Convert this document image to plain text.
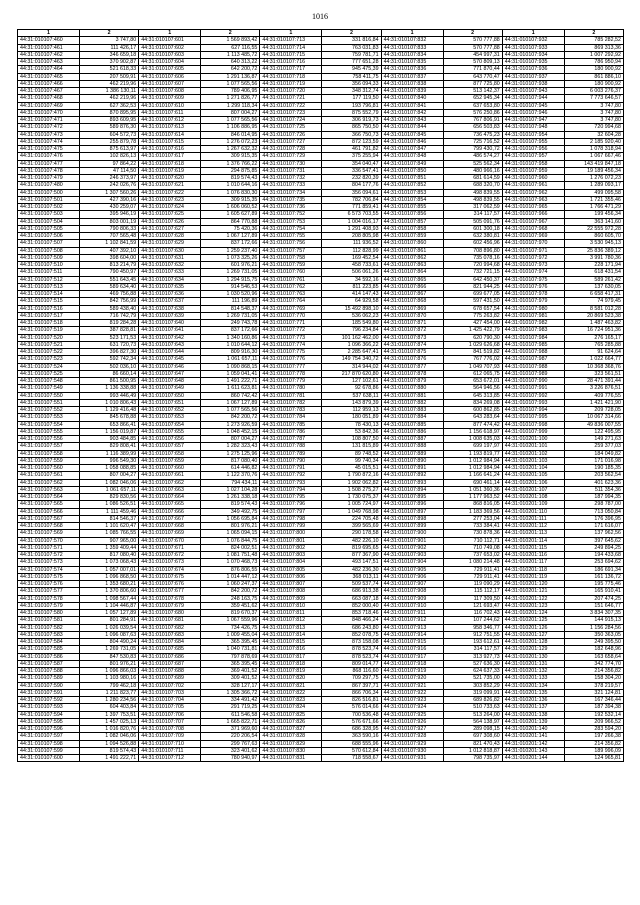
1016
1	2	1	2	1	2	1	2	1	2
44:31:010107:460	3 747,80	44:31:010107:601	1 569 893,42	44:31:010107:713	331 816,84	44:31:010107:832	570 777,88	44:31:010107:932	785 282,52
44:31:010107:461	111 426,17	44:31:010107:602	627 116,55	44:31:010107:714	763 031,83	44:31:010107:833	570 777,88	44:31:010107:933	869 313,36
44:31:010107:462	346 659,18	44:31:010107:603	1 113 485,72	44:31:010107:715	759 781,71	44:31:010107:834	454 997,31	44:31:010107:934	1 007 292,92
44:31:010107:463	370 902,87	44:31:010107:604	640 313,22	44:31:010107:716	777 651,28	44:31:010107:835	570 809,13	44:31:010107:935	786 950,94
44:31:010107:464	521 618,33	44:31:010107:605	642 200,72	44:31:010107:717	945 475,39	44:31:010107:836	771 870,44	44:31:010107:936	180 900,92
44:31:010107:465	207 509,91	44:31:010107:606	1 291 136,87	44:31:010107:718	758 411,75	44:31:010107:837	643 770,47	44:31:010107:937	861 886,10
44:31:010107:466	462 219,96	44:31:010107:607	1 077 565,56	44:31:010107:719	356 094,33	44:31:010107:838	877 725,80	44:31:010107:938	180 900,92
44:31:010107:467	1 386 130,11	44:31:010107:608	789 406,95	44:31:010107:720	348 312,74	44:31:010107:839	513 142,37	44:31:010107:943	6 003 276,37
44:31:010107:468	462 219,96	44:31:010107:609	1 271 826,77	44:31:010107:721	177 119,50	44:31:010107:840	652 945,34	44:31:010107:944	7 773 646,57
44:31:010107:469	627 362,53	44:31:010107:610	1 299 118,34	44:31:010107:722	193 796,81	44:31:010107:841	637 653,80	44:31:010107:945	3 747,80
44:31:010107:470	870 895,95	44:31:010107:611	807 004,27	44:31:010107:723	875 552,79	44:31:010107:842	576 250,86	44:31:010107:946	3 747,80
44:31:010107:471	893 609,95	44:31:010107:612	1 077 565,56	44:31:010107:724	306 919,73	44:31:010107:843	767 806,91	44:31:010107:947	3 747,80
44:31:010107:472	589 876,30	44:31:010107:613	1 106 886,95	44:31:010107:725	865 750,50	44:31:010107:844	656 503,83	44:31:010107:948	720 994,68
44:31:010107:473	604 572,73	44:31:010107:614	846 014,95	44:31:010107:726	366 750,73	44:31:010107:845	736 475,23	44:31:010107:954	32 604,28
44:31:010107:474	255 879,78	44:31:010107:615	1 276 072,23	44:31:010107:727	872 123,59	44:31:010107:846	725 716,52	44:31:010107:955	2 185 920,40
44:31:010107:475	875 613,97	44:31:010107:616	1 267 632,32	44:31:010107:728	461 791,82	44:31:010107:847	799 430,72	44:31:010107:956	1 078 318,94
44:31:010107:476	102 826,13	44:31:010107:617	309 915,35	44:31:010107:729	375 255,94	44:31:010107:848	486 574,27	44:31:010107:957	1 067 667,46
44:31:010107:477	97 864,22	44:31:010107:618	1 376 766,22	44:31:010107:730	354 040,47	44:31:010107:849	525 562,34	44:31:010107:958	143 419 847,18
44:31:010107:478	47 114,50	44:31:010107:619	294 875,85	44:31:010107:731	336 547,41	44:31:010107:850	480 966,16	44:31:010107:959	19 189 456,34
44:31:010107:479	246 373,97	44:31:010107:620	819 574,43	44:31:010107:732	232 820,39	44:31:010107:851	681 614,59	44:31:010107:960	1 276 072,23
44:31:010107:480	242 026,76	44:31:010107:621	1 010 644,16	44:31:010107:733	804 177,76	44:31:010107:852	688 320,70	44:31:010107:961	1 289 093,17
44:31:010107:500	1 307 560,26	44:31:010107:622	1 076 830,30	44:31:010107:734	356 094,61	44:31:010107:853	498 839,55	44:31:010107:962	499 095,58
44:31:010107:501	427 390,16	44:31:010107:623	309 915,35	44:31:010107:735	782 706,84	44:31:010107:854	498 839,55	44:31:010107:963	1 721 355,46
44:31:010107:502	430 259,07	44:31:010107:624	1 606 060,52	44:31:010107:736	771 859,41	44:31:010107:855	317 062,59	44:31:010107:965	1 766 471,29
44:31:010107:503	395 946,19	44:31:010107:625	1 605 627,89	44:31:010107:752	6 573 703,55	44:31:010107:856	314 117,57	44:31:010107:966	199 456,34
44:31:010107:504	803 001,19	44:31:010107:626	864 770,88	44:31:010107:753	1 004 016,17	44:31:010107:857	505 091,76	44:31:010107:967	363 141,60
44:31:010107:505	790 806,33	44:31:010107:627	75 420,36	44:31:010107:754	1 291 408,93	44:31:010107:858	601 300,18	44:31:010107:968	22 555 972,28
44:31:010107:506	707 565,48	44:31:010107:628	1 067 127,89	44:31:010107:755	208 805,98	44:31:010107:859	632 380,81	44:31:010107:969	860 605,70
44:31:010107:507	1 102 841,59	44:31:010107:629	837 172,66	44:31:010107:756	111 936,52	44:31:010107:860	602 456,96	44:31:010107:970	3 530 945,13
44:31:010107:508	407 392,10	44:31:010107:630	1 259 237,40	44:31:010107:757	112 828,99	44:31:010107:861	708 896,80	44:31:010107:971	25 836 389,12
44:31:010107:509	398 604,00	44:31:010107:631	1 073 325,26	44:31:010107:758	169 452,54	44:31:010107:862	735 078,16	44:31:010107:972	3 991 780,36
44:31:010107:510	813 214,79	44:31:010107:632	601 976,21	44:31:010107:759	458 733,61	44:31:010107:863	720 994,68	44:31:010107:973	228 171,94
44:31:010107:511	790 450,97	44:31:010107:633	1 269 731,05	44:31:010107:760	506 061,26	44:31:010107:864	732 721,15	44:31:010107:974	618 431,54
44:31:010107:512	551 643,45	44:31:010107:634	1 294 915,75	44:31:010107:761	34 592,16	44:31:010107:865	642 450,37	44:31:010107:975	589 261,42
44:31:010107:513	589 634,40	44:31:010107:635	914 546,53	44:31:010107:762	811 223,85	44:31:010107:866	821 944,25	44:31:010107:976	137 630,05
44:31:010107:514	469 756,88	44:31:010107:636	1 030 520,96	44:31:010107:763	414 147,43	44:31:010107:867	699 677,05	44:31:010107:978	6 658 417,31
44:31:010107:515	842 756,99	44:31:010107:637	111 196,89	44:31:010107:764	64 929,58	44:31:010107:868	597 431,50	44:31:010107:979	74 979,45
44:31:010107:516	589 438,40	44:31:010107:638	814 548,37	44:31:010107:769	15 492 898,10	44:31:010107:869	678 657,54	44:31:010107:980	8 581 012,28
44:31:010107:517	716 742,79	44:31:010107:639	1 269 731,05	44:31:010107:770	536 062,23	44:31:010107:870	775 263,82	44:31:010107:981	20 869 523,38
44:31:010107:518	819 284,28	44:31:010107:640	249 743,78	44:31:010107:771	185 549,80	44:31:010107:871	427 454,00	44:31:010107:982	1 487 463,82
44:31:010107:519	387 828,81	44:31:010107:641	837 172,66	44:31:010107:772	796 234,84	44:31:010107:872	1 425 422,79	44:31:010107:983	16 724 951,36
44:31:010107:520	523 171,53	44:31:010107:642	1 340 160,86	44:31:010107:773	101 162 462,00	44:31:010107:873	620 790,30	44:31:010107:984	276 165,17
44:31:010107:521	631 720,73	44:31:010107:643	1 010 644,12	44:31:010107:774	1 096 366,22	44:31:010107:874	1 029 626,68	44:31:010107:985	765 285,88
44:31:010107:522	396 827,30	44:31:010107:644	809 916,30	44:31:010107:775	2 285 647,41	44:31:010107:875	841 519,82	44:31:010107:988	91 624,64
44:31:010107:523	592 742,34	44:31:010107:645	1 061 657,11	44:31:010107:776	149 754 340,72	44:31:010107:876	767 776,02	44:31:010107:987	1 022 664,77
44:31:010107:524	502 036,10	44:31:010107:646	1 090 868,15	44:31:010107:777	314 944,02	44:31:010107:877	1 049 707,93	44:31:010107:988	10 368 368,76
44:31:010107:525	86 660,14	44:31:010107:647	1 059 041,41	44:31:010107:778	217 870 620,80	44:31:010107:878	612 065,75	44:31:010107:989	323 561,51
44:31:010107:548	861 500,95	44:31:010107:648	1 491 222,71	44:31:010107:779	127 102,61	44:31:010107:879	653 672,01	44:31:010107:990	28 471 391,44
44:31:010107:549	1 136 338,88	44:31:010107:649	1 611 623,81	44:31:010107:780	92 678,86	44:31:010107:880	564 946,56	44:31:010107:991	3 226 876,51
44:31:010107:550	993 446,49	44:31:010107:650	860 742,42	44:31:010107:781	537 638,11	44:31:010107:881	645 313,85	44:31:010107:992	409 776,55
44:31:010107:551	1 010 806,43	44:31:010107:651	1 067 127,89	44:31:010107:782	143 879,39	44:31:010107:882	834 269,08	44:31:010107:993	1 421 421,90
44:31:010107:552	1 129 416,48	44:31:010107:652	1 077 565,56	44:31:010107:783	112 959,13	44:31:010107:883	600 862,85	44:31:010107:994	209 728,05
44:31:010107:553	845 678,88	44:31:010107:653	842 200,72	44:31:010107:784	180 051,89	44:31:010107:884	643 283,64	44:31:010107:995	10 067 314,66
44:31:010107:554	653 866,41	44:31:010107:654	1 273 926,59	44:31:010107:785	78 430,13	44:31:010107:885	877 474,42	44:31:010107:998	49 836 007,55
44:31:010107:555	1 156 019,87	44:31:010107:655	1 048 452,15	44:31:010107:786	53 842,36	44:31:010107:886	1 156 618,97	44:31:010107:999	122 495,95
44:31:010107:556	903 484,85	44:31:010107:656	807 004,27	44:31:010107:787	108 807,50	44:31:010107:887	1 008 635,03	44:31:010201:100	149 271,63
44:31:010107:557	829 808,41	44:31:010107:657	1 282 323,43	44:31:010107:788	131 815,89	44:31:010107:888	699 197,97	44:31:010201:101	259 377,03
44:31:010107:558	1 116 389,99	44:31:010107:658	1 275 125,96	44:31:010107:789	89 748,52	44:31:010107:889	1 193 819,77	44:31:010201:102	184 049,82
44:31:010107:559	996 549,30	44:31:010107:659	817 080,40	44:31:010107:790	99 740,34	44:31:010107:890	1 012 984,94	44:31:010201:103	171 016,98
44:31:010107:560	1 058 088,85	44:31:010107:660	614 446,82	44:31:010107:791	45 015,51	44:31:010107:891	1 012 984,94	44:31:010201:104	190 185,35
44:31:010107:561	807 004,27	44:31:010107:661	1 122 370,76	44:31:010107:792	1 790 872,16	44:31:010107:892	1 166 641,24	44:31:010201:105	203 562,54
44:31:010107:562	1 082 046,06	44:31:010107:662	794 434,11	44:31:010107:793	1 902 062,82	44:31:010107:893	690 461,14	44:31:010201:106	401 623,36
44:31:010107:563	1 061 657,11	44:31:010107:663	1 027 104,28	44:31:010107:794	1 508 275,27	44:31:010107:894	1 051 360,36	44:31:010201:107	511 354,36
44:31:010107:564	829 830,56	44:31:010107:664	1 261 338,18	44:31:010107:795	1 730 075,37	44:31:010107:895	1 177 963,52	44:31:010201:108	187 994,35
44:31:010107:565	1 086 526,51	44:31:010107:665	819 574,43	44:31:010107:796	1 005 724,97	44:31:010107:896	868 816,05	44:31:010201:109	298 787,00
44:31:010107:566	1 111 459,46	44:31:010107:666	349 492,75	44:31:010107:797	1 049 768,98	44:31:010107:897	1 183 369,56	44:31:010201:110	713 050,84
44:31:010107:567	814 546,37	44:31:010107:667	1 056 695,84	44:31:010107:798	224 705,48	44:31:010107:898	277 253,04	44:31:010201:111	176 396,95
44:31:010107:568	1 101 620,47	44:31:010107:668	801 976,21	44:31:010107:799	399 565,69	44:31:010107:899	733 384,41	44:31:010201:112	171 616,07
44:31:010107:569	1 085 766,55	44:31:010107:669	1 065 094,15	44:31:010107:800	290 178,58	44:31:010107:900	730 878,36	44:31:010201:113	137 962,56
44:31:010107:570	907 965,00	44:31:010107:670	1 076 844,75	44:31:010107:801	482 226,10	44:31:010107:901	710 112,71	44:31:010201:114	397 645,62
44:31:010107:571	1 359 409,44	44:31:010107:671	824 002,51	44:31:010107:802	819 695,65	44:31:010107:902	710 749,08	44:31:010201:115	249 894,25
44:31:010107:572	817 080,40	44:31:010107:672	1 081 751,48	44:31:010107:803	877 367,90	44:31:010107:903	737 653,02	44:31:010201:116	194 433,68
44:31:010107:573	1 073 068,43	44:31:010107:673	1 070 468,73	44:31:010107:804	493 147,51	44:31:010107:904	1 080 214,48	44:31:010201:117	253 694,62
44:31:010107:574	1 057 007,01	44:31:010107:674	876 806,55	44:31:010107:805	482 236,30	44:31:010107:905	729 911,41	44:31:010201:118	186 691,34
44:31:010107:575	1 096 868,50	44:31:010107:675	1 014 447,12	44:31:010107:806	368 013,11	44:31:010107:906	729 911,41	44:31:010201:119	161 136,72
44:31:010107:576	1 353 680,21	44:31:010107:676	1 060 247,37	44:31:010107:807	509 537,74	44:31:010107:907	119 090,29	44:31:010201:120	195 775,46
44:31:010107:577	1 370 806,60	44:31:010107:677	842 200,72	44:31:010107:808	686 913,38	44:31:010107:908	115 112,17	44:31:010201:121	165 910,41
44:31:010107:578	1 098 567,44	44:31:010107:678	248 163,75	44:31:010107:809	663 087,18	44:31:010107:909	117 309,50	44:31:010201:122	207 474,25
44:31:010107:579	1 104 446,87	44:31:010107:679	359 451,62	44:31:010107:810	852 000,40	44:31:010107:910	121 693,47	44:31:010201:123	151 646,77
44:31:010107:580	1 057 127,89	44:31:010107:680	819 670,37	44:31:010107:811	853 718,46	44:31:010107:911	116 702,43	44:31:010201:124	3 834 307,35
44:31:010107:581	801 284,91	44:31:010107:681	1 067 559,96	44:31:010107:812	848 466,24	44:31:010107:912	107 244,62	44:31:010201:125	144 915,13
44:31:010107:582	1 026 039,54	44:31:010107:682	734 426,75	44:31:010107:813	686 243,80	44:31:010107:913	958 346,77	44:31:010201:126	1 156 284,56
44:31:010107:583	1 096 087,63	44:31:010107:683	1 009 455,04	44:31:010107:814	852 078,75	44:31:010107:914	912 751,55	44:31:010201:127	350 363,05
44:31:010107:584	804 490,24	44:31:010107:684	365 395,45	44:31:010107:815	873 158,08	44:31:010107:915	193 612,61	44:31:010201:128	249 395,50
44:31:010107:585	1 269 731,05	44:31:010107:685	1 040 731,81	44:31:010107:816	878 523,74	44:31:010107:916	314 117,57	44:31:010201:129	182 648,96
44:31:010107:586	847 530,83	44:31:010107:686	797 878,69	44:31:010107:817	878 523,74	44:31:010107:917	313 927,73	44:31:010201:130	163 658,64
44:31:010107:587	801 976,21	44:31:010107:687	365 395,45	44:31:010107:818	809 014,77	44:31:010107:918	527 636,30	44:31:010201:131	342 774,70
44:31:010107:588	1 096 866,03	44:31:010107:688	369 401,52	44:31:010107:819	868 116,60	44:31:010107:919	624 637,33	44:31:010201:132	214 356,82
44:31:010107:589	1 103 980,16	44:31:010107:689	309 401,52	44:31:010107:820	709 297,75	44:31:010107:920	521 735,00	44:31:010201:133	158 304,20
44:31:010107:590	799 462,18	44:31:010107:702	328 127,17	44:31:010107:821	867 397,71	44:31:010107:921	303 852,29	44:31:010201:134	378 219,57
44:31:010107:591	1 211 823,77	44:31:010107:703	1 305 366,72	44:31:010107:822	866 706,34	44:31:010107:922	319 099,91	44:31:010201:135	321 124,81
44:31:010107:592	1 280 234,56	44:31:010107:704	334 491,42	44:31:010107:823	826 516,81	44:31:010107:923	689 826,82	44:31:010201:136	167 346,44
44:31:010107:593	604 403,84	44:31:010107:705	291 719,25	44:31:010107:824	576 014,66	44:31:010107:924	510 733,63	44:31:010201:137	187 394,38
44:31:010107:594	1 397 753,51	44:31:010107:706	611 546,58	44:31:010107:825	700 536,48	44:31:010107:925	513 264,00	44:31:010201:138	192 532,14
44:31:010107:595	1 457 025,13	44:31:010107:707	1 665 822,71	44:31:010107:826	576 671,66	44:31:010107:926	564 138,97	44:31:010201:139	209 966,52
44:31:010107:596	1 016 820,76	44:31:010107:708	371 969,60	44:31:010107:827	686 328,95	44:31:010107:927	289 098,15	44:31:010201:140	283 594,20
44:31:010107:597	1 082 046,06	44:31:010107:709	220 206,54	44:31:010107:828	363 590,16	44:31:010107:928	697 308,60	44:31:010201:141	197 266,38
44:31:010107:598	1 094 526,88	44:31:010107:710	299 767,63	44:31:010107:829	688 555,96	44:31:010107:929	821 470,43	44:31:010201:142	214 356,82
44:31:010107:599	819 574,43	44:31:010107:711	323 401,62	44:31:010107:830	570 612,84	44:31:010107:930	1 012 818,87	44:31:010201:143	189 996,09
44:31:010107:600	1 491 222,71	44:31:010107:712	780 940,97	44:31:010107:831	718 558,67	44:31:010107:931	798 735,97	44:31:010201:144	124 965,81
